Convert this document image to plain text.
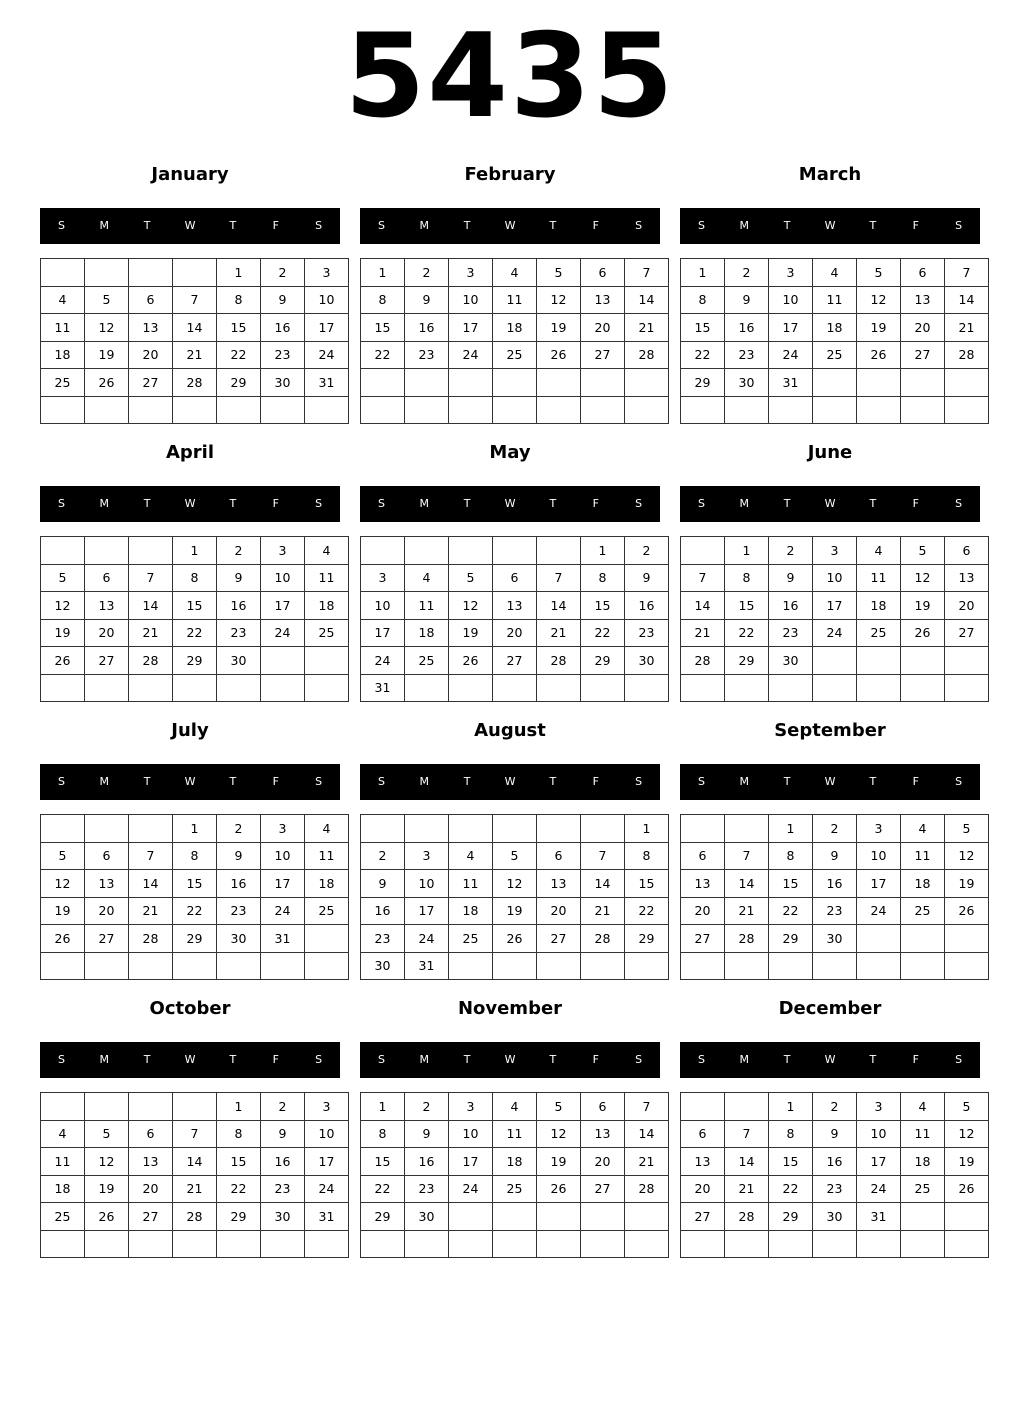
5435
January
S	M	T	W	T	F	S
				1	2	3
4	5	6	7	8	9	10
11	12	13	14	15	16	17
18	19	20	21	22	23	24
25	26	27	28	29	30	31

February
S	M	T	W	T	F	S
1	2	3	4	5	6	7
8	9	10	11	12	13	14
15	16	17	18	19	20	21
22	23	24	25	26	27	28

March
S	M	T	W	T	F	S
1	2	3	4	5	6	7
8	9	10	11	12	13	14
15	16	17	18	19	20	21
22	23	24	25	26	27	28
29	30	31				

April
S	M	T	W	T	F	S
			1	2	3	4
5	6	7	8	9	10	11
12	13	14	15	16	17	18
19	20	21	22	23	24	25
26	27	28	29	30		

May
S	M	T	W	T	F	S
					1	2
3	4	5	6	7	8	9
10	11	12	13	14	15	16
17	18	19	20	21	22	23
24	25	26	27	28	29	30
31						
June
S	M	T	W	T	F	S
	1	2	3	4	5	6
7	8	9	10	11	12	13
14	15	16	17	18	19	20
21	22	23	24	25	26	27
28	29	30				

July
S	M	T	W	T	F	S
			1	2	3	4
5	6	7	8	9	10	11
12	13	14	15	16	17	18
19	20	21	22	23	24	25
26	27	28	29	30	31	

August
S	M	T	W	T	F	S
						1
2	3	4	5	6	7	8
9	10	11	12	13	14	15
16	17	18	19	20	21	22
23	24	25	26	27	28	29
30	31					
September
S	M	T	W	T	F	S
		1	2	3	4	5
6	7	8	9	10	11	12
13	14	15	16	17	18	19
20	21	22	23	24	25	26
27	28	29	30			

October
S	M	T	W	T	F	S
				1	2	3
4	5	6	7	8	9	10
11	12	13	14	15	16	17
18	19	20	21	22	23	24
25	26	27	28	29	30	31

November
S	M	T	W	T	F	S
1	2	3	4	5	6	7
8	9	10	11	12	13	14
15	16	17	18	19	20	21
22	23	24	25	26	27	28
29	30					

December
S	M	T	W	T	F	S
		1	2	3	4	5
6	7	8	9	10	11	12
13	14	15	16	17	18	19
20	21	22	23	24	25	26
27	28	29	30	31		
